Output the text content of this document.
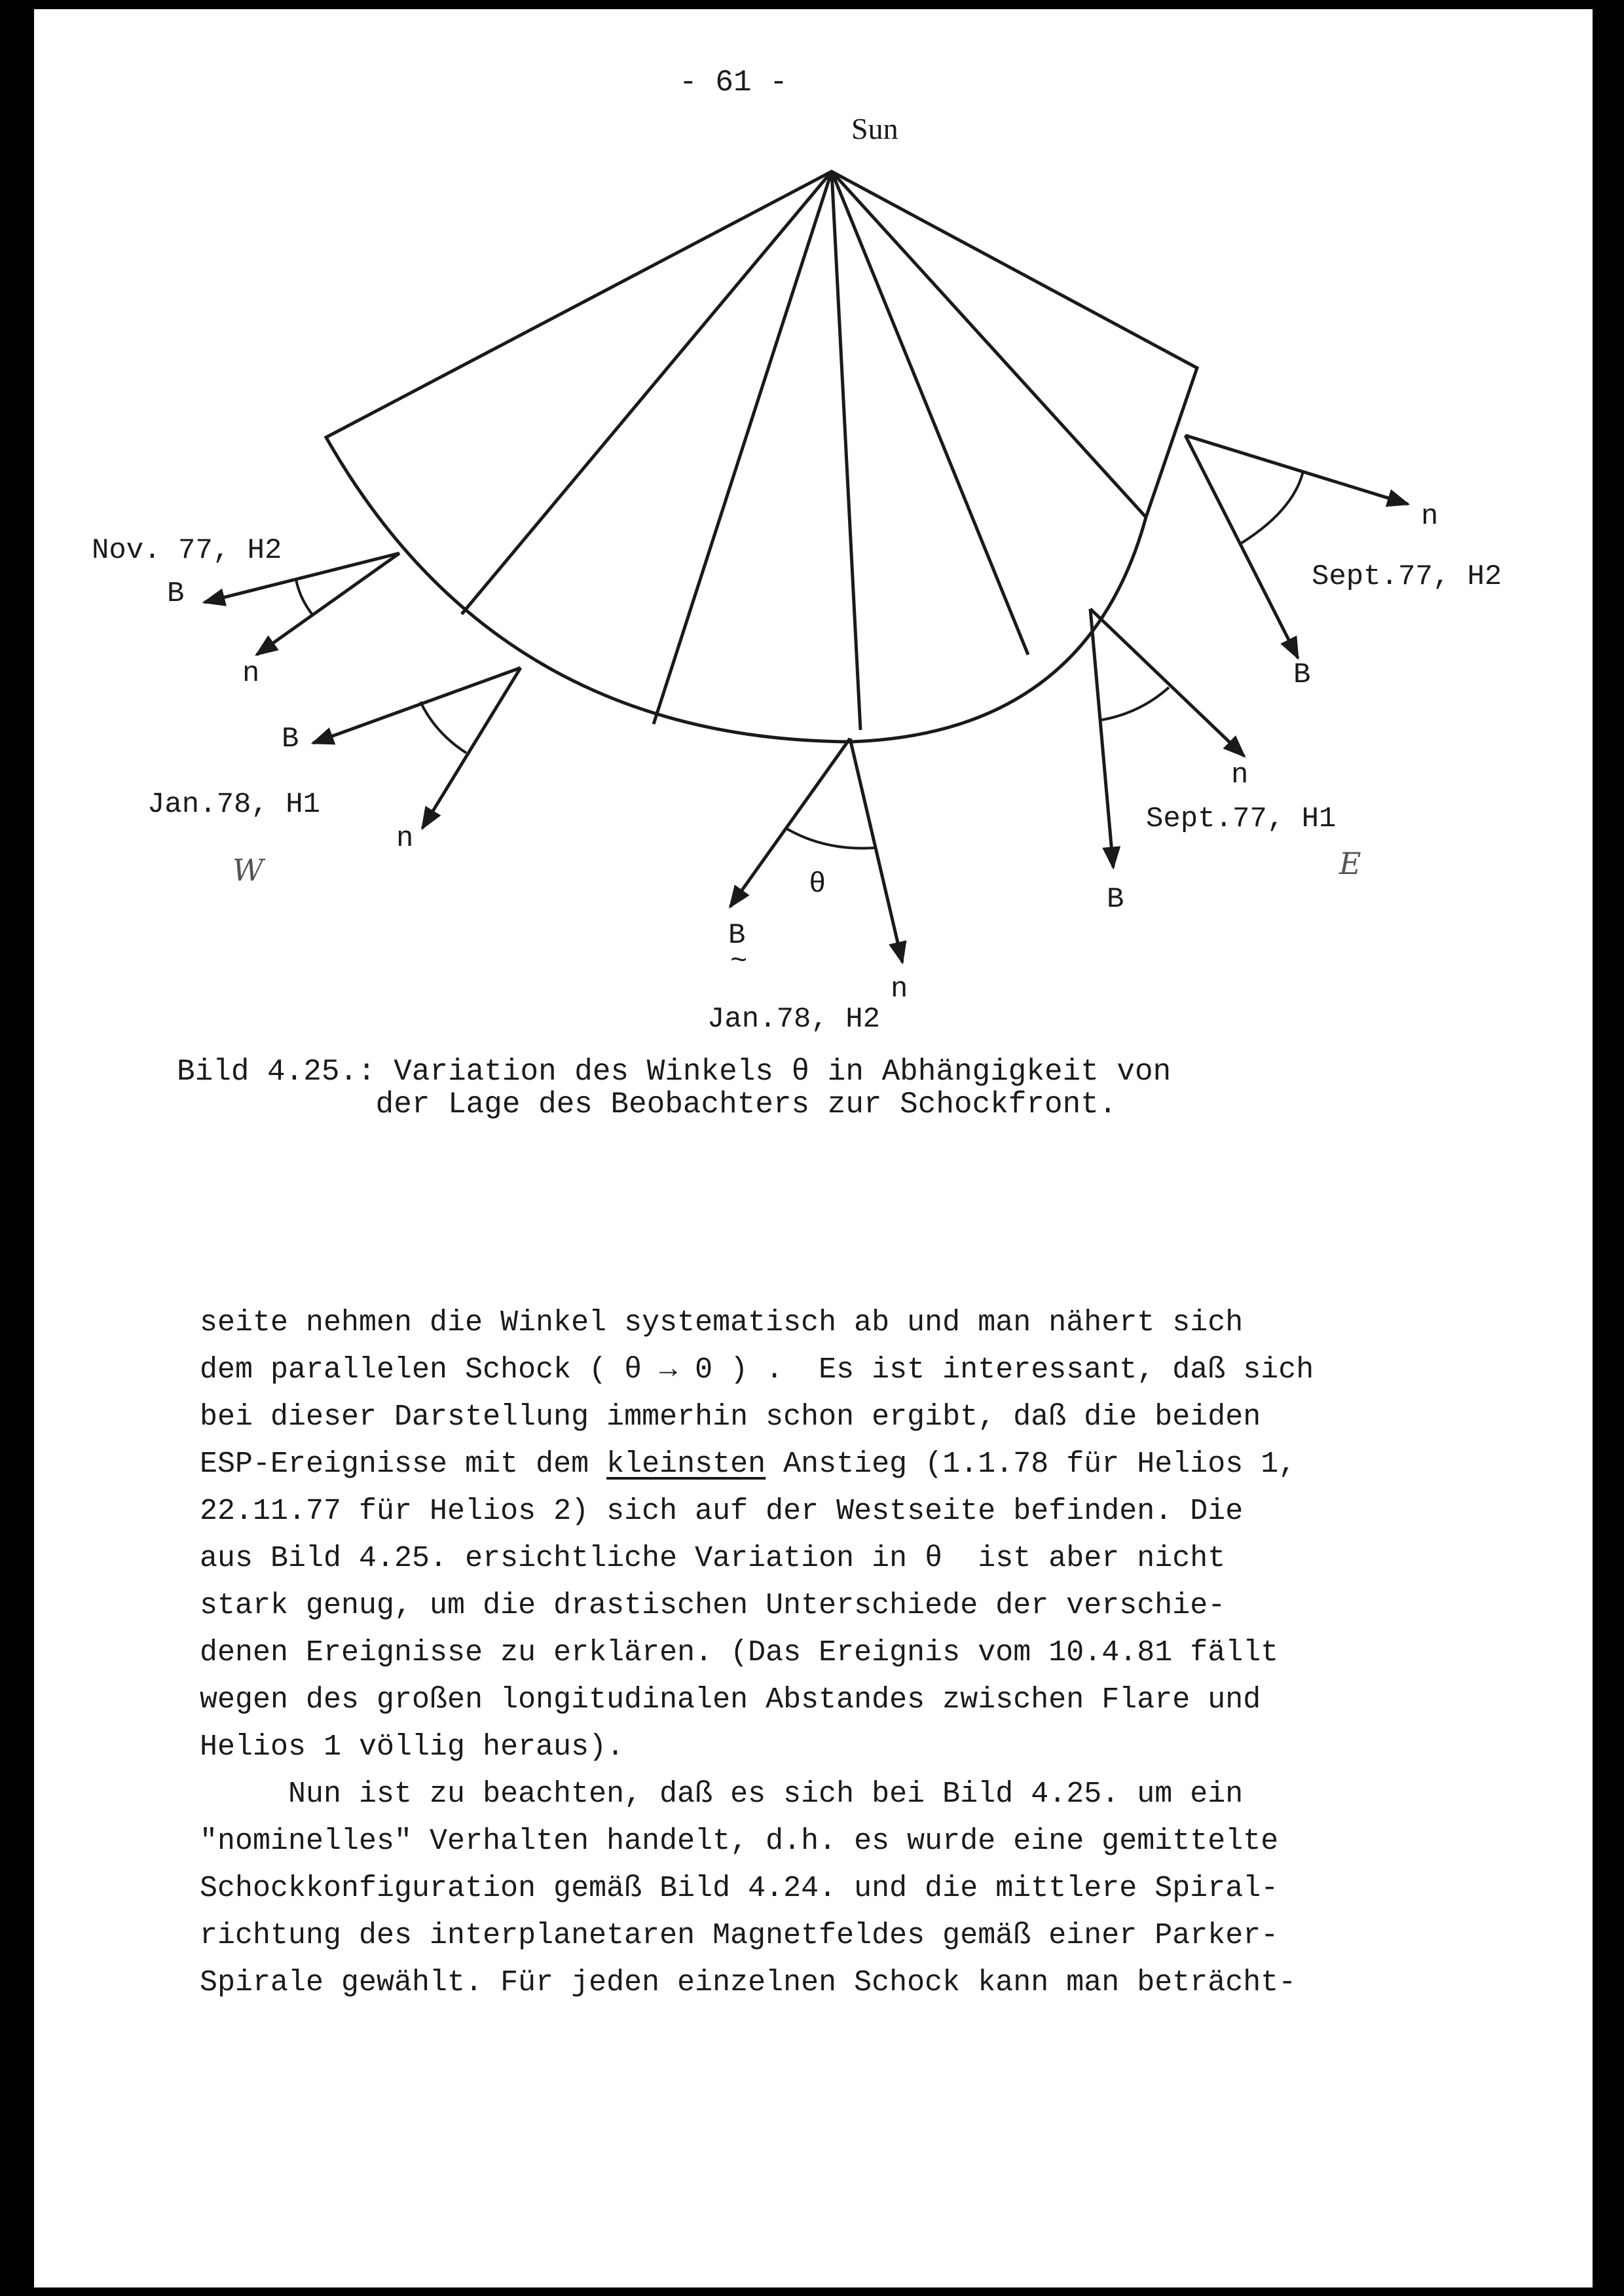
- 61 -
Sun
Nov. 77, H2
B
n
B
Jan.78, H1
n
W	θ
B
~
n
Jan.78, H2
n
Sept.77, H1
B
E
n
Sept.77, H2
B
Bild 4.25.: Variation des Winkels θ in Abhängigkeit von
der Lage des Beobachters zur Schockfront.

seite nehmen die Winkel systematisch ab und man nähert sich

dem parallelen Schock ( θ → 0 ) .  Es ist interessant, daß sich

bei dieser Darstellung immerhin schon ergibt, daß die beiden

ESP-Ereignisse mit dem kleinsten Anstieg (1.1.78 für Helios 1,

22.11.77 für Helios 2) sich auf der Westseite befinden. Die

aus Bild 4.25. ersichtliche Variation in θ  ist aber nicht

stark genug, um die drastischen Unterschiede der verschie-

denen Ereignisse zu erklären. (Das Ereignis vom 10.4.81 fällt

wegen des großen longitudinalen Abstandes zwischen Flare und

Helios 1 völlig heraus).

Nun ist zu beachten, daß es sich bei Bild 4.25. um ein

"nominelles" Verhalten handelt, d.h. es wurde eine gemittelte

Schockkonfiguration gemäß Bild 4.24. und die mittlere Spiral-

richtung des interplanetaren Magnetfeldes gemäß einer Parker-

Spirale gewählt. Für jeden einzelnen Schock kann man beträcht-
